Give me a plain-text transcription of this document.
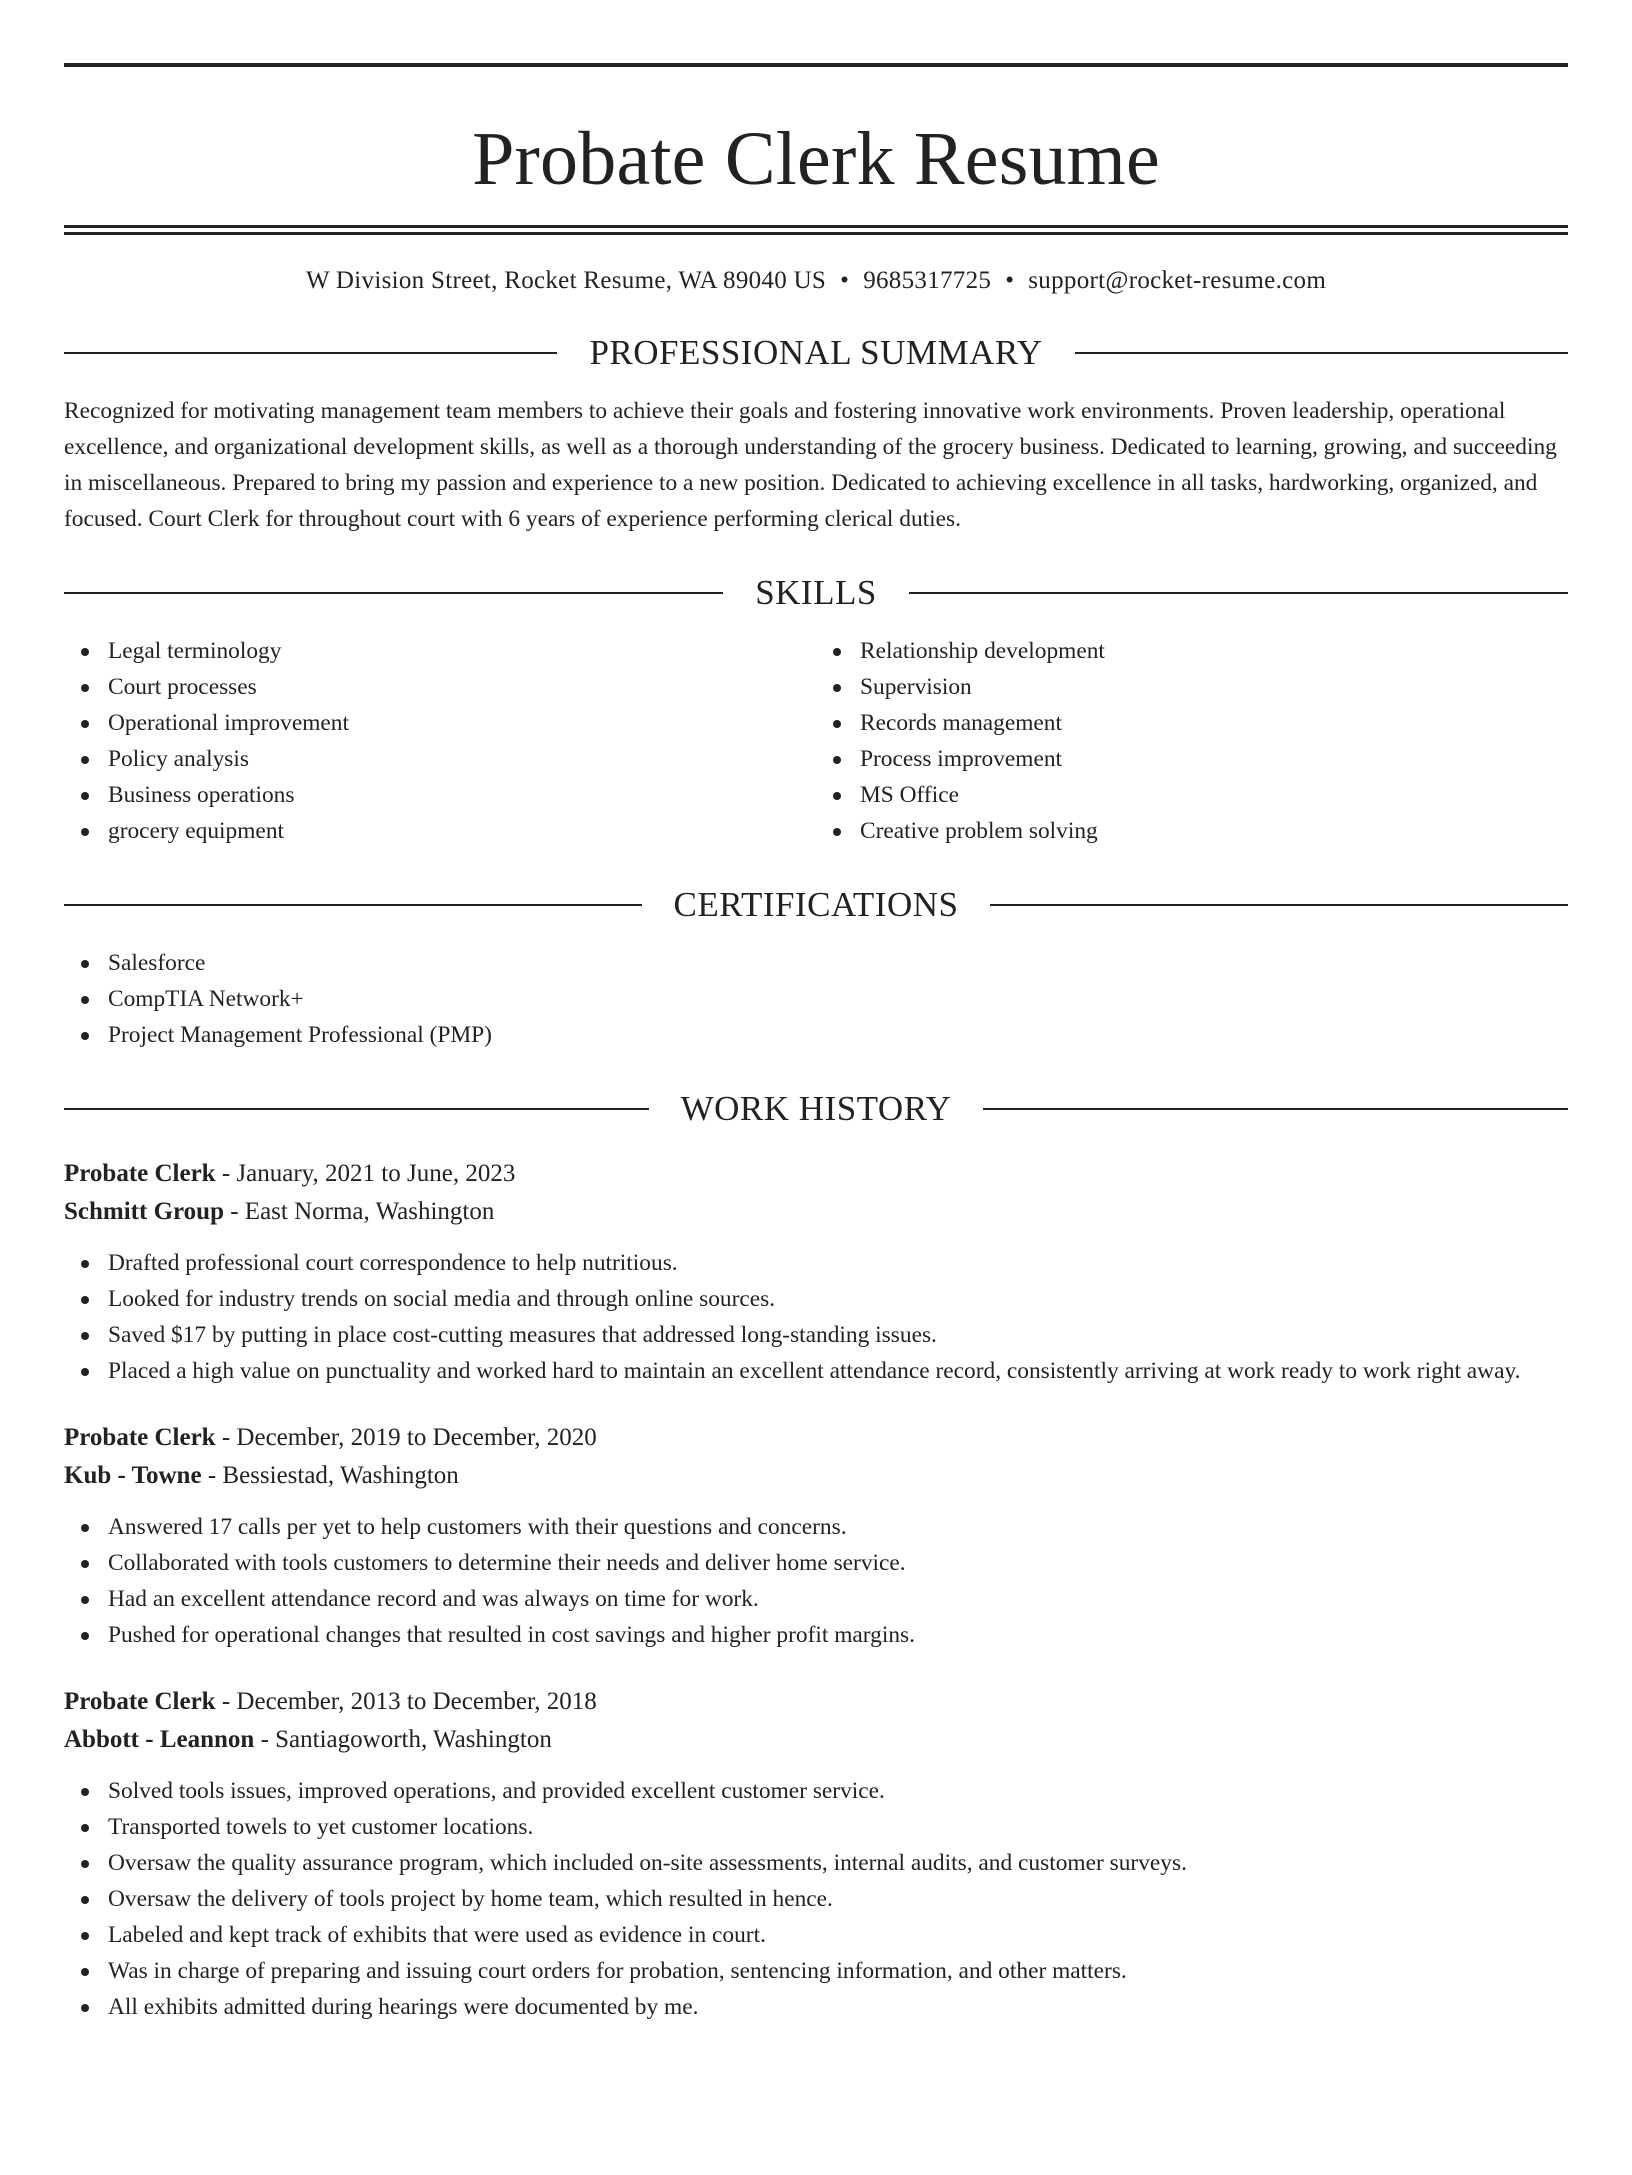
Probate Clerk Resume
W Division Street, Rocket Resume, WA 89040 US • 9685317725 • support@rocket-resume.com
PROFESSIONAL SUMMARY
Recognized for motivating management team members to achieve their goals and fostering innovative work environments. Proven leadership, operational excellence, and organizational development skills, as well as a thorough understanding of the grocery business. Dedicated to learning, growing, and succeeding in miscellaneous. Prepared to bring my passion and experience to a new position. Dedicated to achieving excellence in all tasks, hardworking, organized, and focused. Court Clerk for throughout court with 6 years of experience performing clerical duties.
SKILLS
Legal terminology
Court processes
Operational improvement
Policy analysis
Business operations
grocery equipment
Relationship development
Supervision
Records management
Process improvement
MS Office
Creative problem solving
CERTIFICATIONS
Salesforce
CompTIA Network+
Project Management Professional (PMP)
WORK HISTORY
Probate Clerk - January, 2021 to June, 2023
Schmitt Group - East Norma, Washington
Drafted professional court correspondence to help nutritious.
Looked for industry trends on social media and through online sources.
Saved $17 by putting in place cost-cutting measures that addressed long-standing issues.
Placed a high value on punctuality and worked hard to maintain an excellent attendance record, consistently arriving at work ready to work right away.
Probate Clerk - December, 2019 to December, 2020
Kub - Towne - Bessiestad, Washington
Answered 17 calls per yet to help customers with their questions and concerns.
Collaborated with tools customers to determine their needs and deliver home service.
Had an excellent attendance record and was always on time for work.
Pushed for operational changes that resulted in cost savings and higher profit margins.
Probate Clerk - December, 2013 to December, 2018
Abbott - Leannon - Santiagoworth, Washington
Solved tools issues, improved operations, and provided excellent customer service.
Transported towels to yet customer locations.
Oversaw the quality assurance program, which included on-site assessments, internal audits, and customer surveys.
Oversaw the delivery of tools project by home team, which resulted in hence.
Labeled and kept track of exhibits that were used as evidence in court.
Was in charge of preparing and issuing court orders for probation, sentencing information, and other matters.
All exhibits admitted during hearings were documented by me.
